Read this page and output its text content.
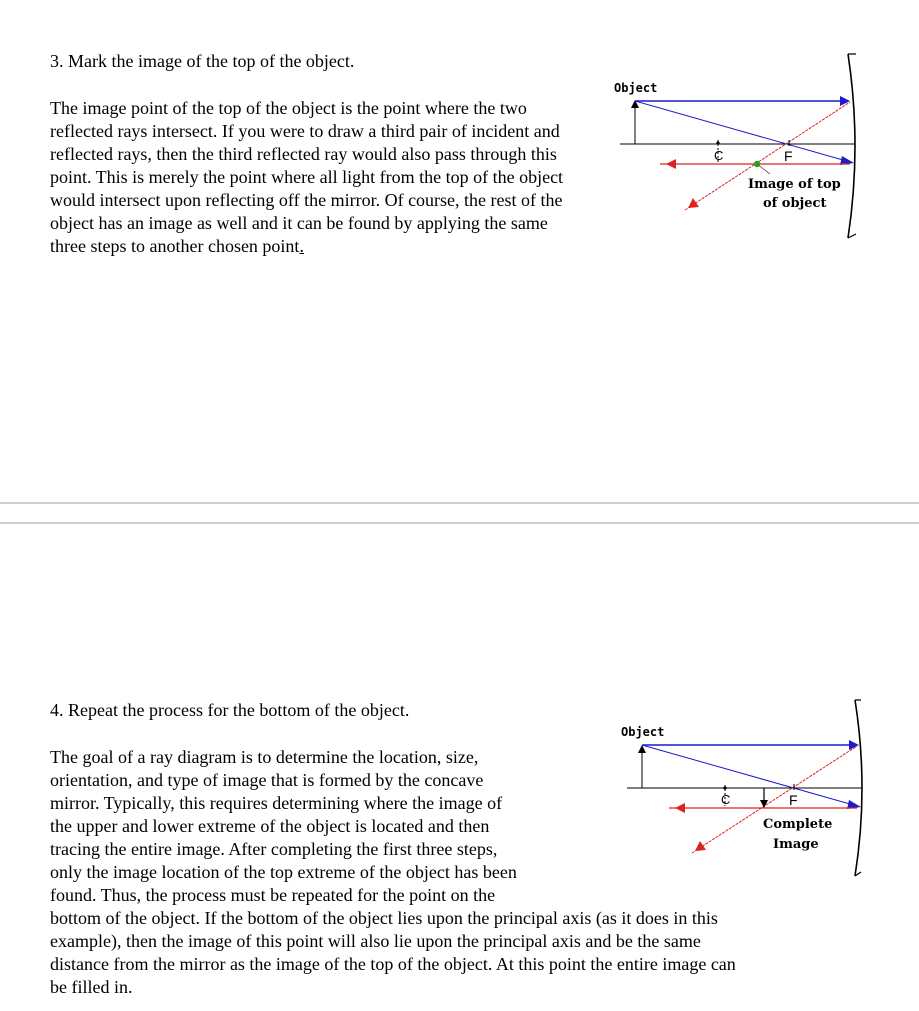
3. Mark the image of the top of the object.

The image point of the top of the object is the point where the two reflected rays intersect. If you were to draw a third pair of incident and reflected rays, then the third reflected ray would also pass through this point. This is merely the point where all light from the top of the object would intersect upon reflecting off the mirror. Of course, the rest of the object has an image as well and it can be found by applying the same three steps to another chosen point.

Object
C	F
Image of top
of object
4. Repeat the process for the bottom of the object.
The goal of a ray diagram is to determine the location, size,
orientation, and type of image that is formed by the concave
mirror. Typically, this requires determining where the image of
the upper and lower extreme of the object is located and then
tracing the entire image. After completing the first three steps,
only the image location of the top extreme of the object has been
found. Thus, the process must be repeated for the point on the
bottom of the object. If the bottom of the object lies upon the principal axis (as it does in this
example), then the image of this point will also lie upon the principal axis and be the same
distance from the mirror as the image of the top of the object. At this point the entire image can
be filled in.
Object
C	F
Complete
Image
